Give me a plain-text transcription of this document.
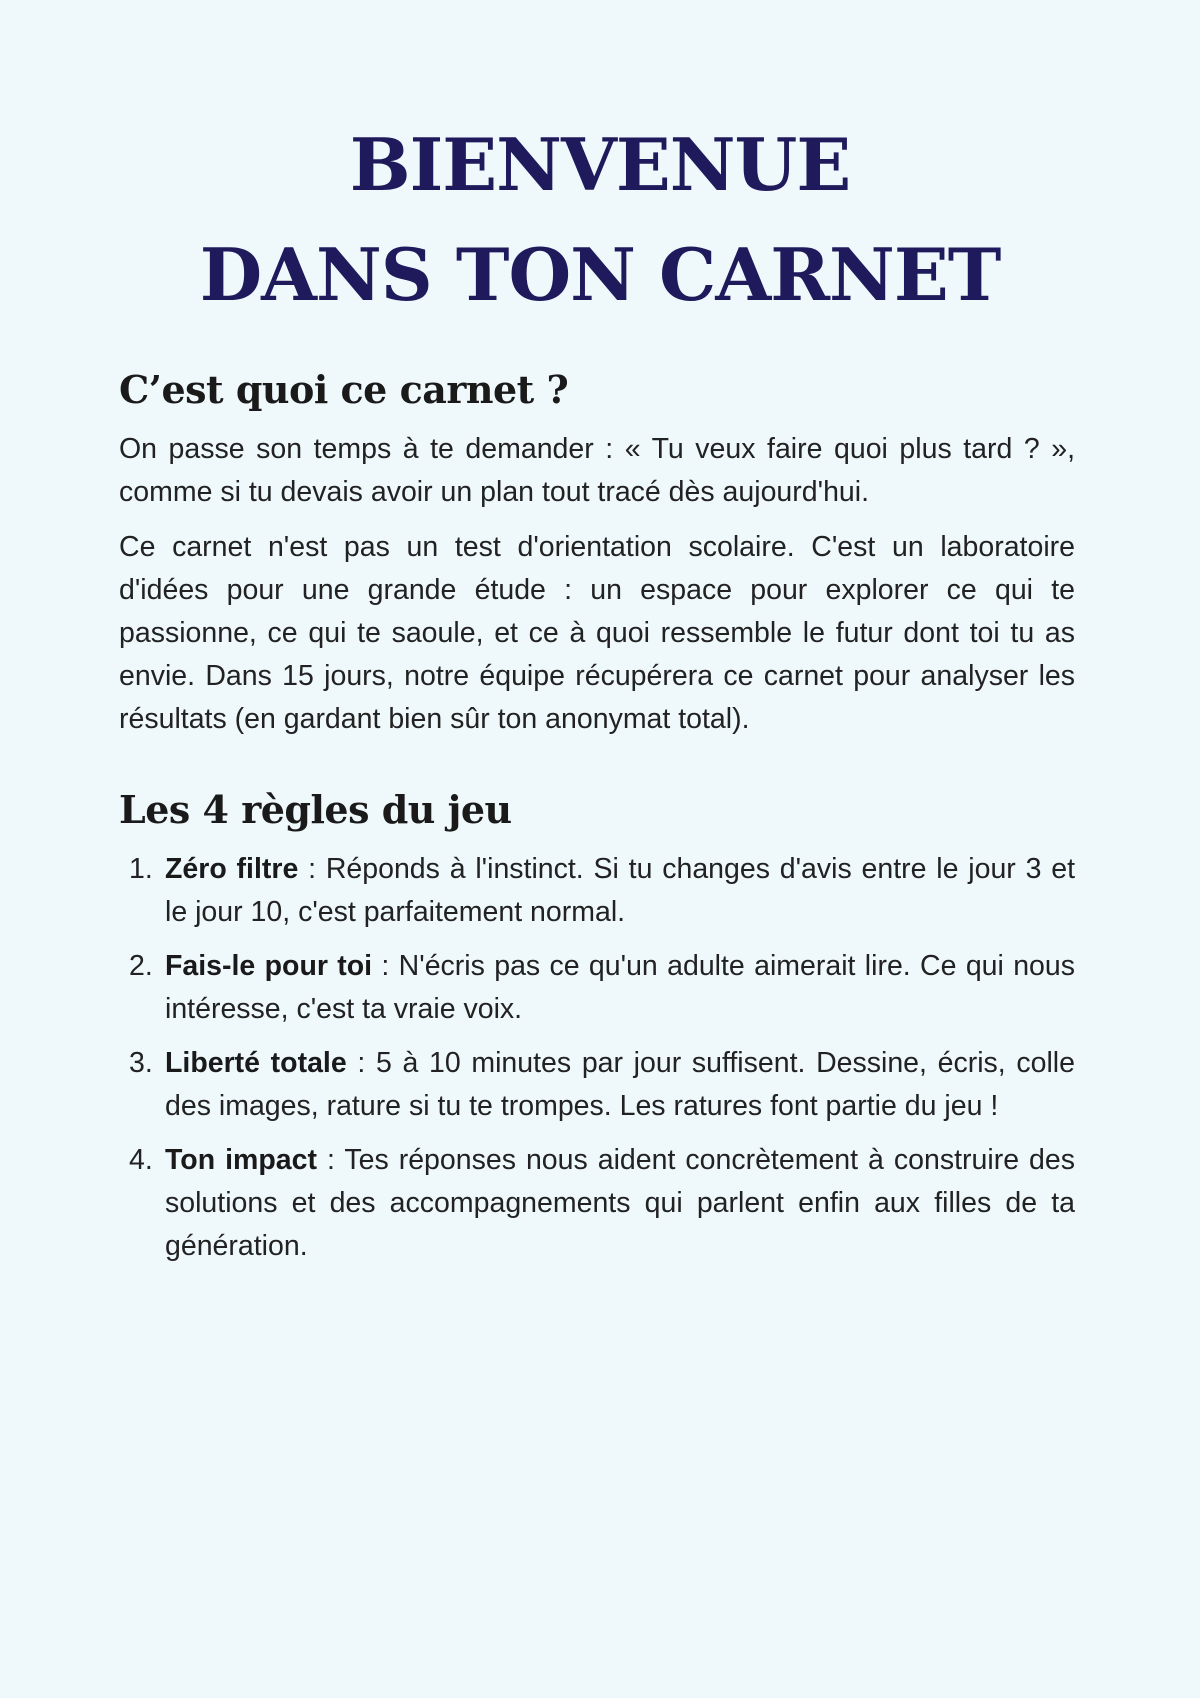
BIENVENUE
DANS TON CARNET
C’est quoi ce carnet ?

On passe son temps à te demander : « Tu veux faire quoi plus tard ? », comme si tu devais avoir un plan tout tracé dès aujourd'hui.

Ce carnet n'est pas un test d'orientation scolaire. C'est un laboratoire d'idées pour une grande étude : un espace pour explorer ce qui te passionne, ce qui te saoule, et ce à quoi ressemble le futur dont toi tu as envie. Dans 15 jours, notre équipe récupérera ce carnet pour analyser les résultats (en gardant bien sûr ton anonymat total).

Les 4 règles du jeu
1. Zéro filtre : Réponds à l'instinct. Si tu changes d'avis entre le jour 3 et le jour 10, c'est parfaitement normal.

2. Fais-le pour toi : N'écris pas ce qu'un adulte aimerait lire. Ce qui nous intéresse, c'est ta vraie voix.

3. Liberté totale : 5 à 10 minutes par jour suffisent. Dessine, écris, colle des images, rature si tu te trompes. Les ratures font partie du jeu !

4. Ton impact : Tes réponses nous aident concrètement à construire des solutions et des accompagnements qui parlent enfin aux filles de ta génération.
